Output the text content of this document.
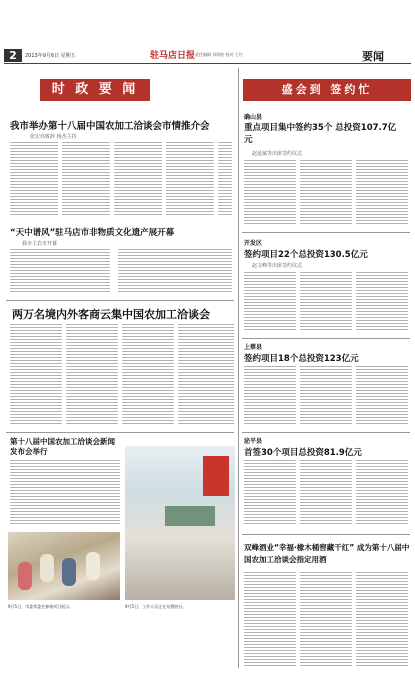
2	2013年9月6日 星期五	驻马店日报 责任编辑 刘海波 校对 王红	要闻
时 政 要 闻
我市举办第十八届中国农加工洽谈会市情推介会
张宏伟致辞 杨杰主持
“天中谱风”驻马店市非物质文化遗产展开幕
我市主宾市开幕
两万名境内外客商云集中国农加工洽谈会
第十八届中国农加工洽谈会新闻发布会举行
9月5日，市委常委会参观项目展示。	9月5日，工作人员正在布置展台。
盛会到 签约忙
确山县
重点项目集中签约35个 总投资107.7亿元
赵延斌等出席签约仪式
开发区
签约项目22个总投资130.5亿元
赵文峰等出席签约仪式
上蔡县
签约项目18个总投资123亿元
泌平县
首签30个项目总投资81.9亿元
双峰酒业“幸福·橡木桶窖藏干红” 成为第十八届中国农加工洽谈会指定用酒
